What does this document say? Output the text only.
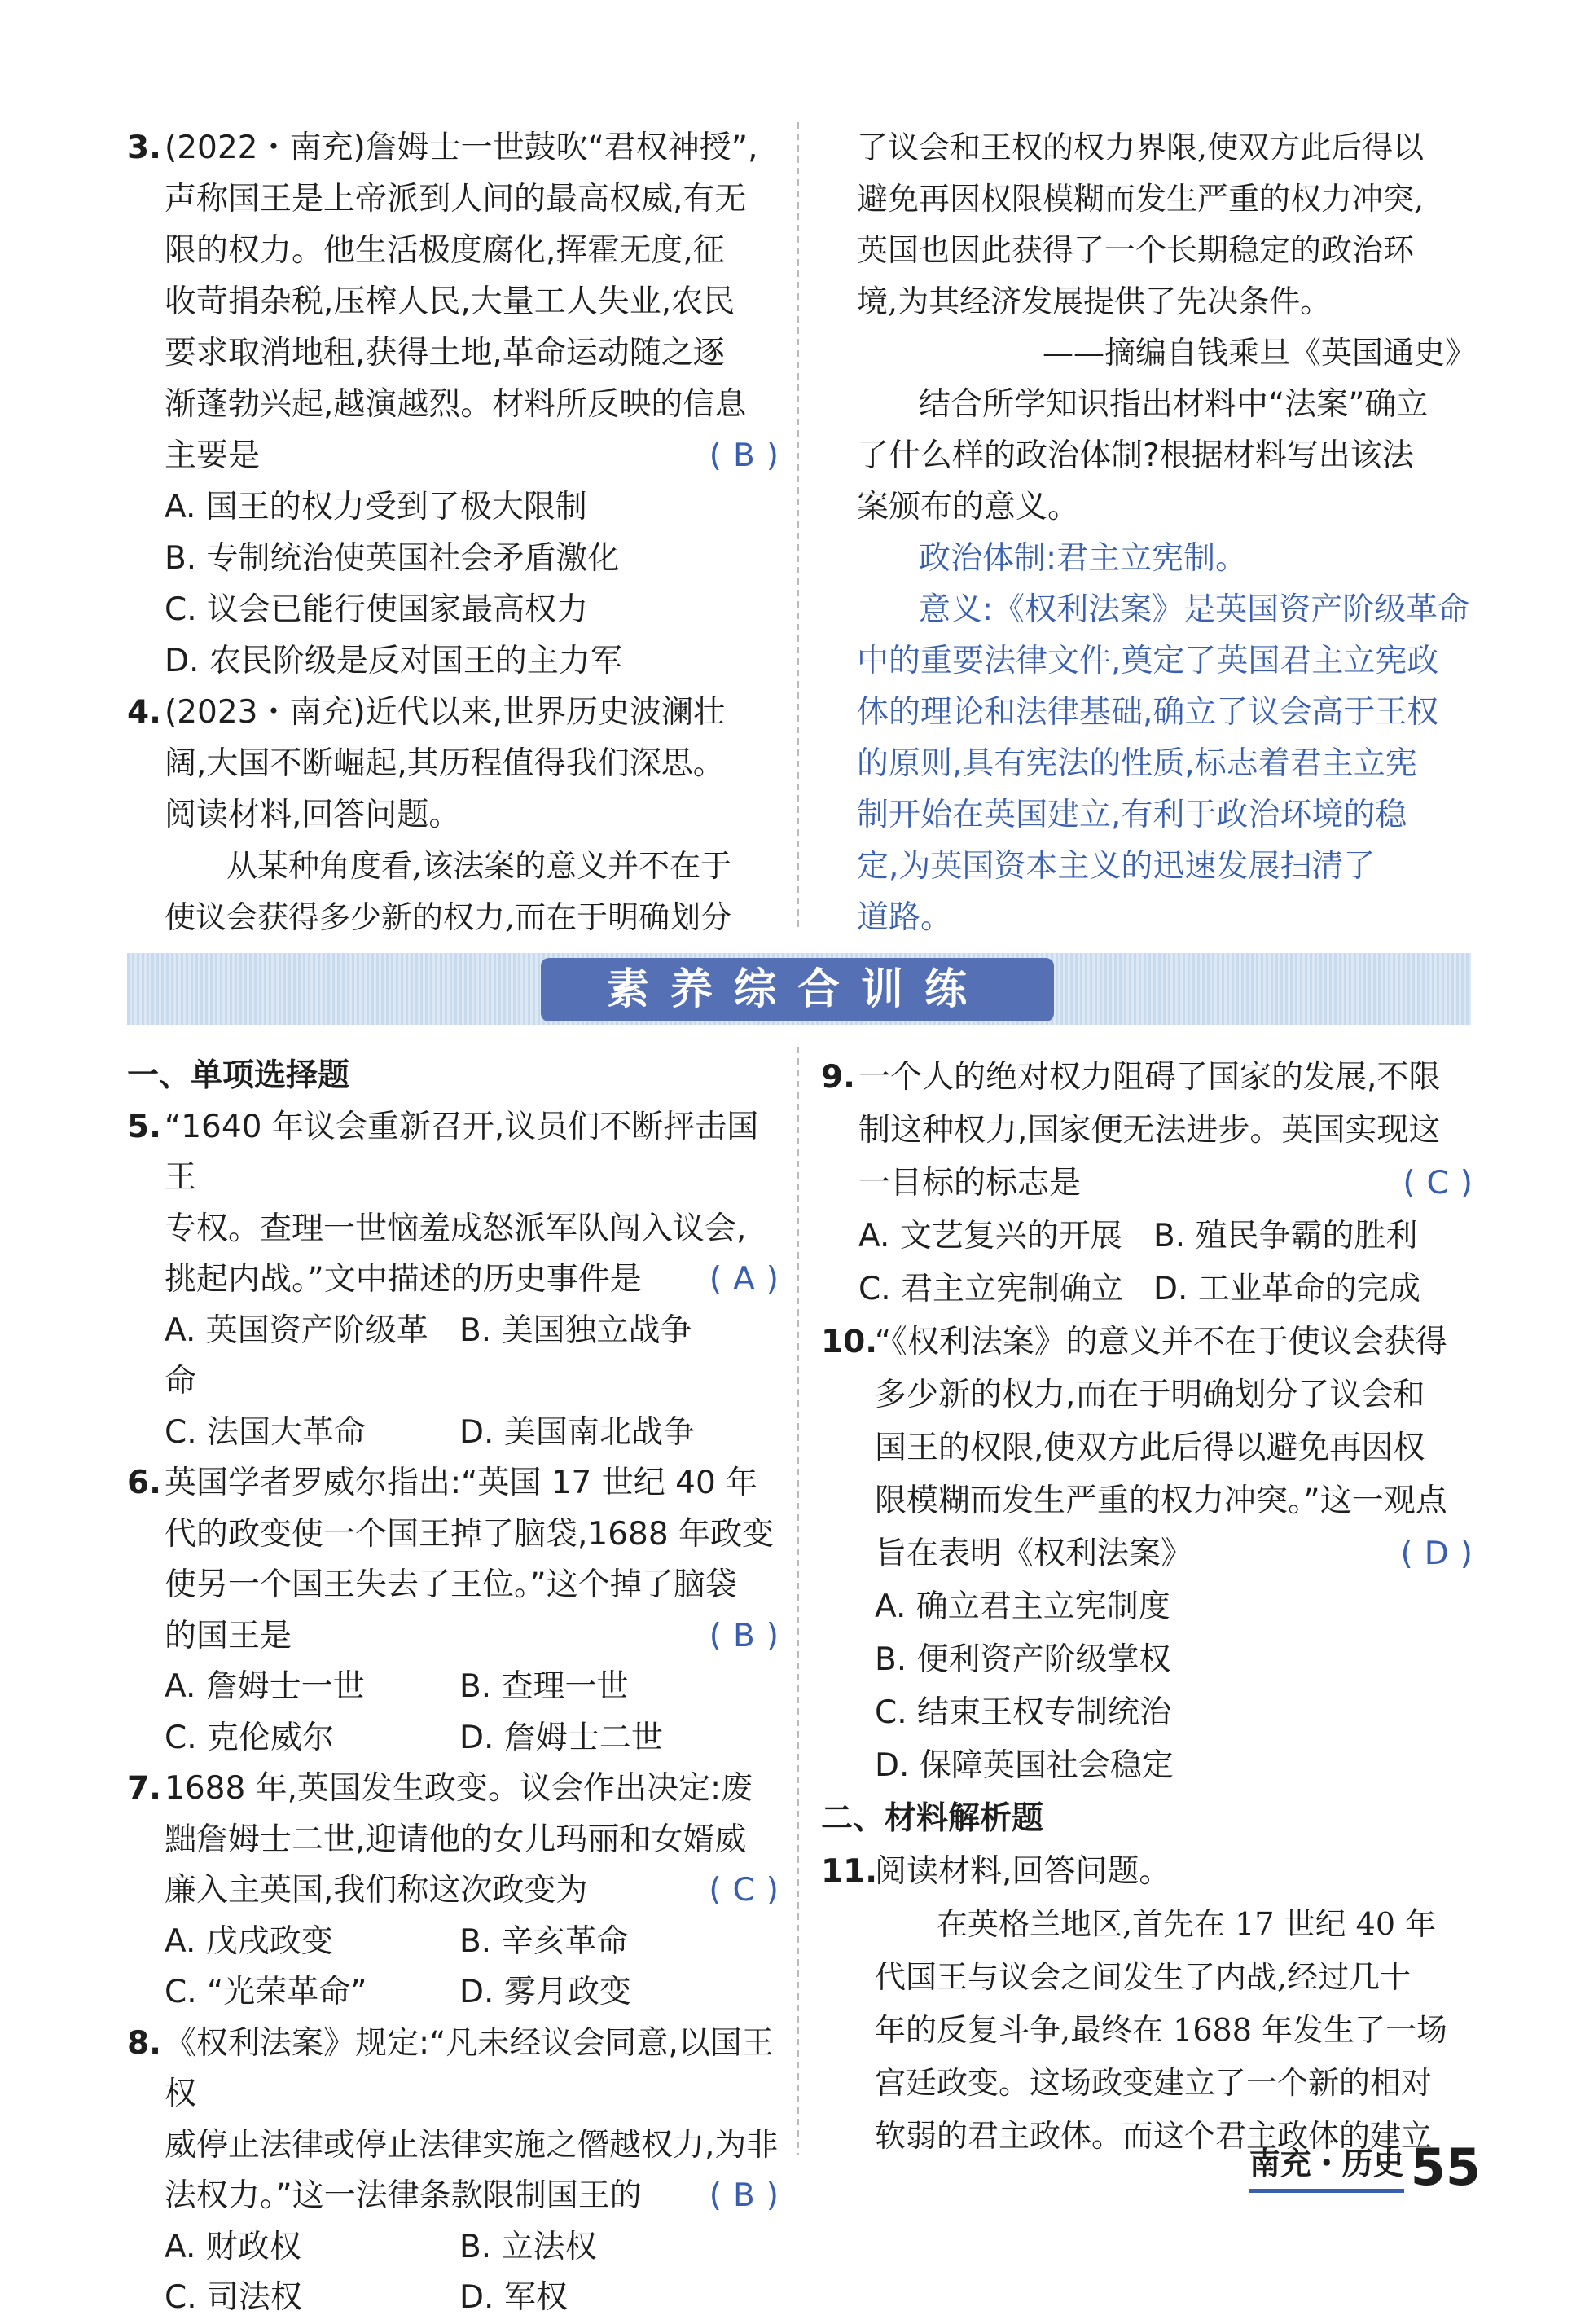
3. (2022・南充)詹姆士一世鼓吹“君权神授”,
声称国王是上帝派到人间的最高权威,有无
限的权力。他生活极度腐化,挥霍无度,征
收苛捐杂税,压榨人民,大量工人失业,农民
要求取消地租,获得土地,革命运动随之逐
渐蓬勃兴起,越演越烈。材料所反映的信息
主要是	( B )
A. 国王的权力受到了极大限制
B. 专制统治使英国社会矛盾激化
C. 议会已能行使国家最高权力
D. 农民阶级是反对国王的主力军
4. (2023・南充)近代以来,世界历史波澜壮
阔,大国不断崛起,其历程值得我们深思。
阅读材料,回答问题。
从某种角度看,该法案的意义并不在于
使议会获得多少新的权力,而在于明确划分
了议会和王权的权力界限,使双方此后得以
避免再因权限模糊而发生严重的权力冲突,
英国也因此获得了一个长期稳定的政治环
境,为其经济发展提供了先决条件。
——摘编自钱乘旦《英国通史》
结合所学知识指出材料中“法案”确立
了什么样的政治体制?根据材料写出该法
案颁布的意义。
政治体制:君主立宪制。
意义:《权利法案》是英国资产阶级革命
中的重要法律文件,奠定了英国君主立宪政
体的理论和法律基础,确立了议会高于王权
的原则,具有宪法的性质,标志着君主立宪
制开始在英国建立,有利于政治环境的稳
定,为英国资本主义的迅速发展扫清了
道路。
素养综合训练
一、单项选择题
5. “1640 年议会重新召开,议员们不断抨击国王
专权。查理一世恼羞成怒派军队闯入议会,
挑起内战。”文中描述的历史事件是 ( A )
A. 英国资产阶级革命
B. 美国独立战争
C. 法国大革命	D. 美国南北战争
6. 英国学者罗威尔指出:“英国 17 世纪 40 年
代的政变使一个国王掉了脑袋,1688 年政变
使另一个国王失去了王位。”这个掉了脑袋
的国王是	( B )
A. 詹姆士一世	B. 查理一世
C. 克伦威尔	D. 詹姆士二世
7. 1688 年,英国发生政变。议会作出决定:废
黜詹姆士二世,迎请他的女儿玛丽和女婿威
廉入主英国,我们称这次政变为	( C )
A. 戊戌政变	B. 辛亥革命
C. “光荣革命”	D. 雾月政变
8. 《权利法案》规定:“凡未经议会同意,以国王权
威停止法律或停止法律实施之僭越权力,为非
法权力。”这一法律条款限制国王的 ( B )
A. 财政权	B. 立法权
C. 司法权	D. 军权
9. 一个人的绝对权力阻碍了国家的发展,不限
制这种权力,国家便无法进步。英国实现这
一目标的标志是	( C )
A. 文艺复兴的开展 B. 殖民争霸的胜利
C. 君主立宪制确立 D. 工业革命的完成
10.
“《权利法案》的意义并不在于使议会获得
多少新的权力,而在于明确划分了议会和
国王的权限,使双方此后得以避免再因权
限模糊而发生严重的权力冲突。”这一观点
旨在表明《权利法案》	( D )
A. 确立君主立宪制度
B. 便利资产阶级掌权
C. 结束王权专制统治
D. 保障英国社会稳定
二、材料解析题
11.
阅读材料,回答问题。
在英格兰地区,首先在 17 世纪 40 年
代国王与议会之间发生了内战,经过几十
年的反复斗争,最终在 1688 年发生了一场
宫廷政变。这场政变建立了一个新的相对
软弱的君主政体。而这个君主政体的建立
南充・历史 55
